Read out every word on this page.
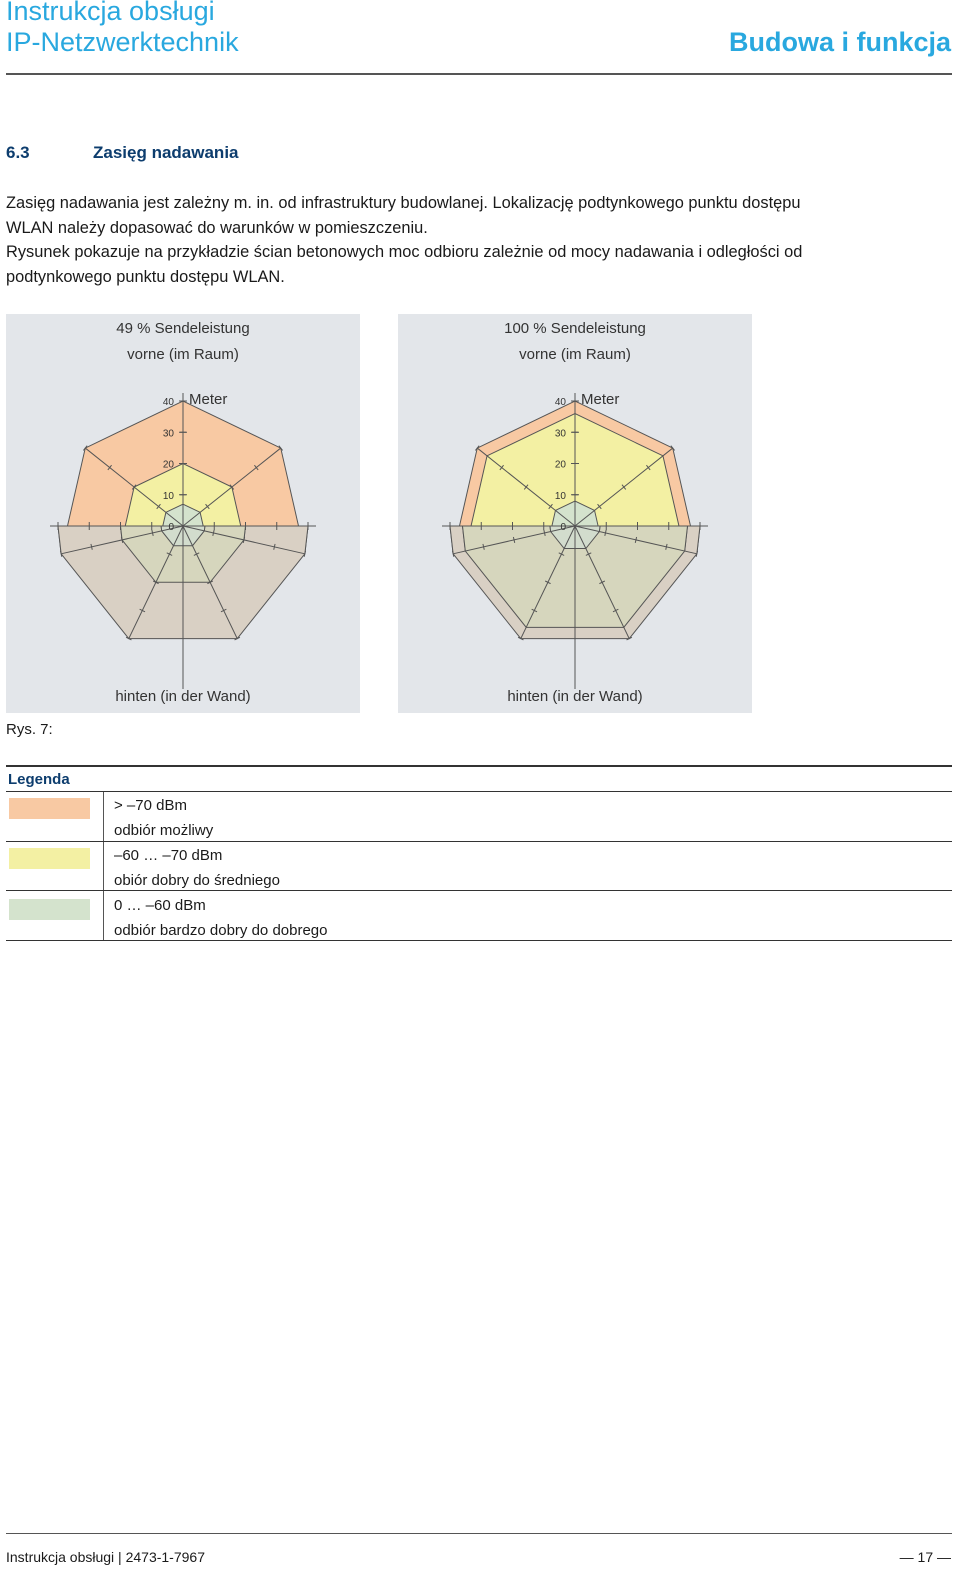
Instrukcja obsługi
IP-Netzwerktechnik	Budowa i funkcja
6.3	Zasięg nadawania
Zasięg nadawania jest zależny m. in. od infrastruktury budowlanej. Lokalizację podtynkowego punktu dostępu
WLAN należy dopasować do warunków w pomieszczeniu.
Rysunek pokazuje na przykładzie ścian betonowych moc odbioru zależnie od mocy nadawania i odległości od
podtynkowego punktu dostępu WLAN.
40
30
20
10
0
Meter
49 % Sendeleistung
vorne (im Raum)
hinten (in der Wand)
40
30
20
10
0
Meter
100 % Sendeleistung
vorne (im Raum)
hinten (in der Wand)
Rys. 7:
Legenda
> –70 dBm
odbiór możliwy
–60 … –70 dBm
obiór dobry do średniego
0 … –60 dBm
odbiór bardzo dobry do dobrego
Instrukcja obsługi | 2473-1-7967	— 17 —
